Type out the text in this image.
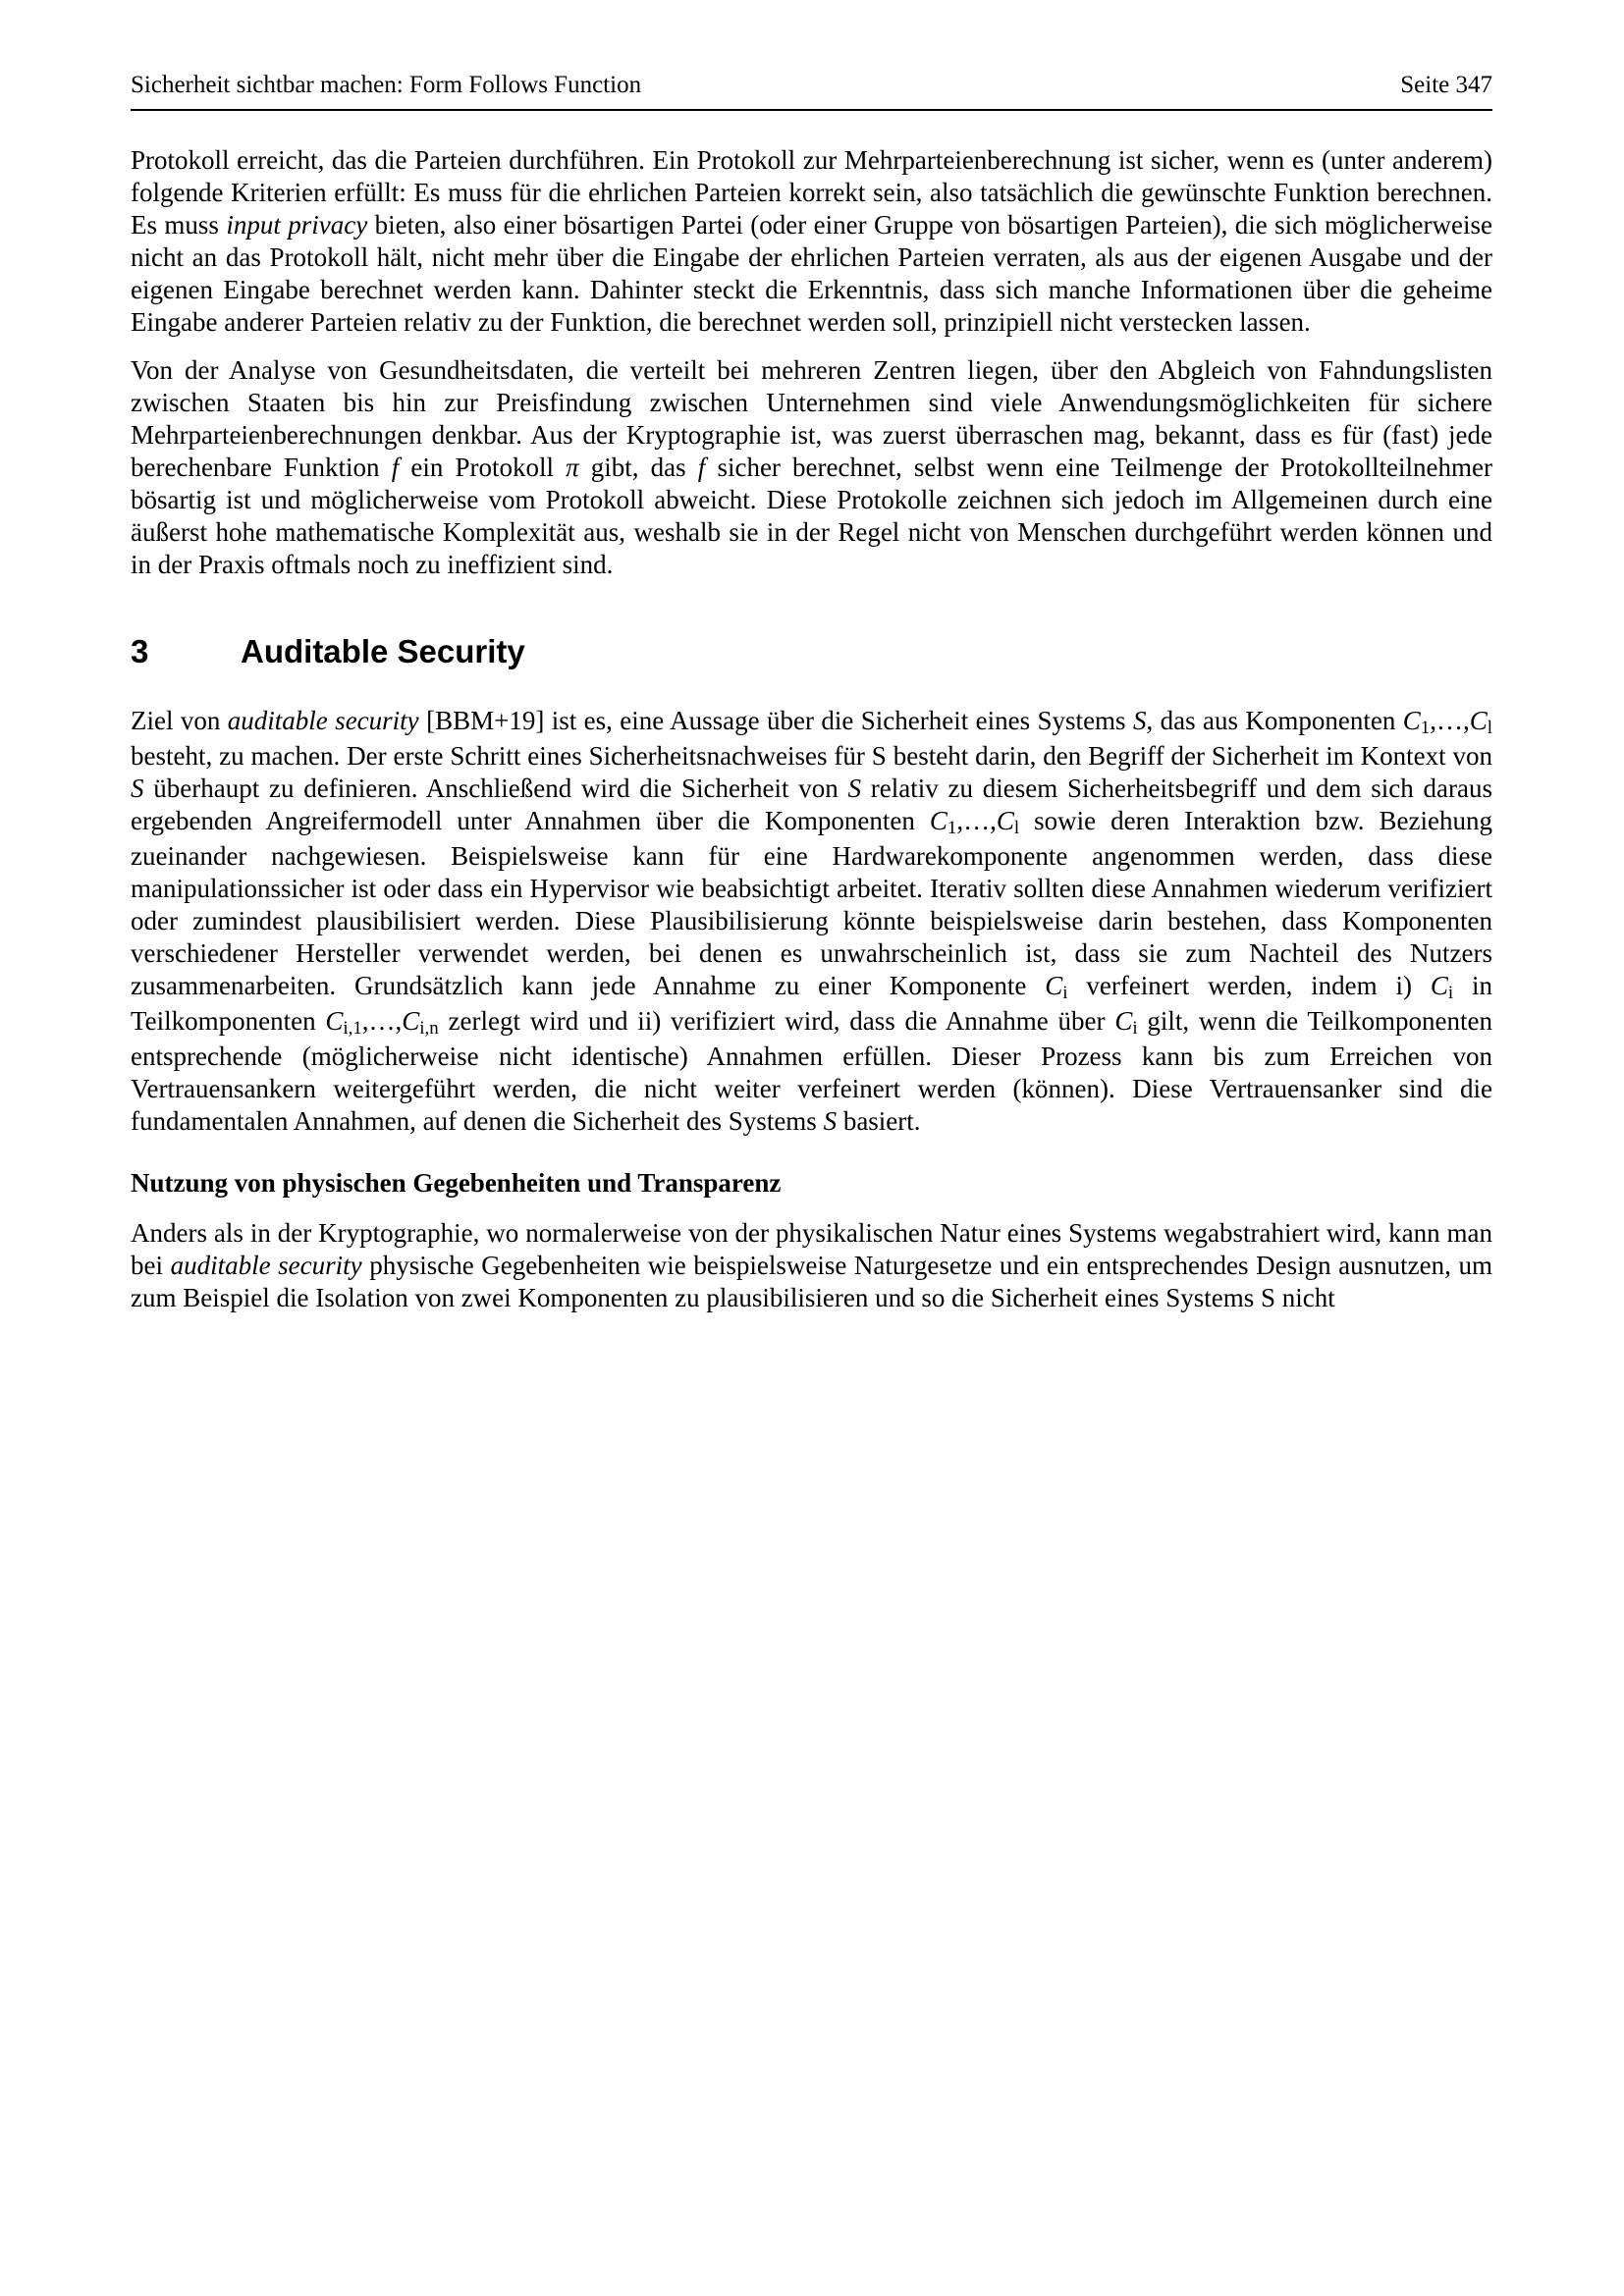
Sicherheit sichtbar machen: Form Follows Function	Seite 347

Protokoll erreicht, das die Parteien durchführen. Ein Protokoll zur Mehrparteienberechnung ist sicher, wenn es (unter anderem) folgende Kriterien erfüllt: Es muss für die ehrlichen Parteien korrekt sein, also tatsächlich die gewünschte Funktion berechnen. Es muss input privacy bieten, also einer bösartigen Partei (oder einer Gruppe von bösartigen Parteien), die sich möglicherweise nicht an das Protokoll hält, nicht mehr über die Eingabe der ehrlichen Parteien verraten, als aus der eigenen Ausgabe und der eigenen Eingabe berechnet werden kann. Dahinter steckt die Erkenntnis, dass sich manche Informationen über die geheime Eingabe anderer Parteien relativ zu der Funktion, die berechnet werden soll, prinzipiell nicht verstecken lassen.

Von der Analyse von Gesundheitsdaten, die verteilt bei mehreren Zentren liegen, über den Abgleich von Fahndungslisten zwischen Staaten bis hin zur Preisfindung zwischen Unternehmen sind viele Anwendungsmöglichkeiten für sichere Mehrparteienberechnungen denkbar. Aus der Kryptographie ist, was zuerst überraschen mag, bekannt, dass es für (fast) jede berechenbare Funktion f ein Protokoll π gibt, das f sicher berechnet, selbst wenn eine Teilmenge der Protokollteilnehmer bösartig ist und möglicherweise vom Protokoll abweicht. Diese Protokolle zeichnen sich jedoch im Allgemeinen durch eine äußerst hohe mathematische Komplexität aus, weshalb sie in der Regel nicht von Menschen durchgeführt werden können und in der Praxis oftmals noch zu ineffizient sind.

3	Auditable Security

Ziel von auditable security [BBM+19] ist es, eine Aussage über die Sicherheit eines Systems S, das aus Komponenten C1,…,Cl besteht, zu machen. Der erste Schritt eines Sicherheitsnachweises für S besteht darin, den Begriff der Sicherheit im Kontext von S überhaupt zu definieren. Anschließend wird die Sicherheit von S relativ zu diesem Sicherheitsbegriff und dem sich daraus ergebenden Angreifermodell unter Annahmen über die Komponenten C1,…,Cl sowie deren Interaktion bzw. Beziehung zueinander nachgewiesen. Beispielsweise kann für eine Hardwarekomponente angenommen werden, dass diese manipulationssicher ist oder dass ein Hypervisor wie beabsichtigt arbeitet. Iterativ sollten diese Annahmen wiederum verifiziert oder zumindest plausibilisiert werden. Diese Plausibilisierung könnte beispielsweise darin bestehen, dass Komponenten verschiedener Hersteller verwendet werden, bei denen es unwahrscheinlich ist, dass sie zum Nachteil des Nutzers zusammenarbeiten. Grundsätzlich kann jede Annahme zu einer Komponente Ci verfeinert werden, indem i) Ci in Teilkomponenten Ci,1,…,Ci,n zerlegt wird und ii) verifiziert wird, dass die Annahme über Ci gilt, wenn die Teilkomponenten entsprechende (möglicherweise nicht identische) Annahmen erfüllen. Dieser Prozess kann bis zum Erreichen von Vertrauensankern weitergeführt werden, die nicht weiter verfeinert werden (können). Diese Vertrauensanker sind die fundamentalen Annahmen, auf denen die Sicherheit des Systems S basiert.

Nutzung von physischen Gegebenheiten und Transparenz

Anders als in der Kryptographie, wo normalerweise von der physikalischen Natur eines Systems wegabstrahiert wird, kann man bei auditable security physische Gegebenheiten wie beispielsweise Naturgesetze und ein entsprechendes Design ausnutzen, um zum Beispiel die Isolation von zwei Komponenten zu plausibilisieren und so die Sicherheit eines Systems S nicht
